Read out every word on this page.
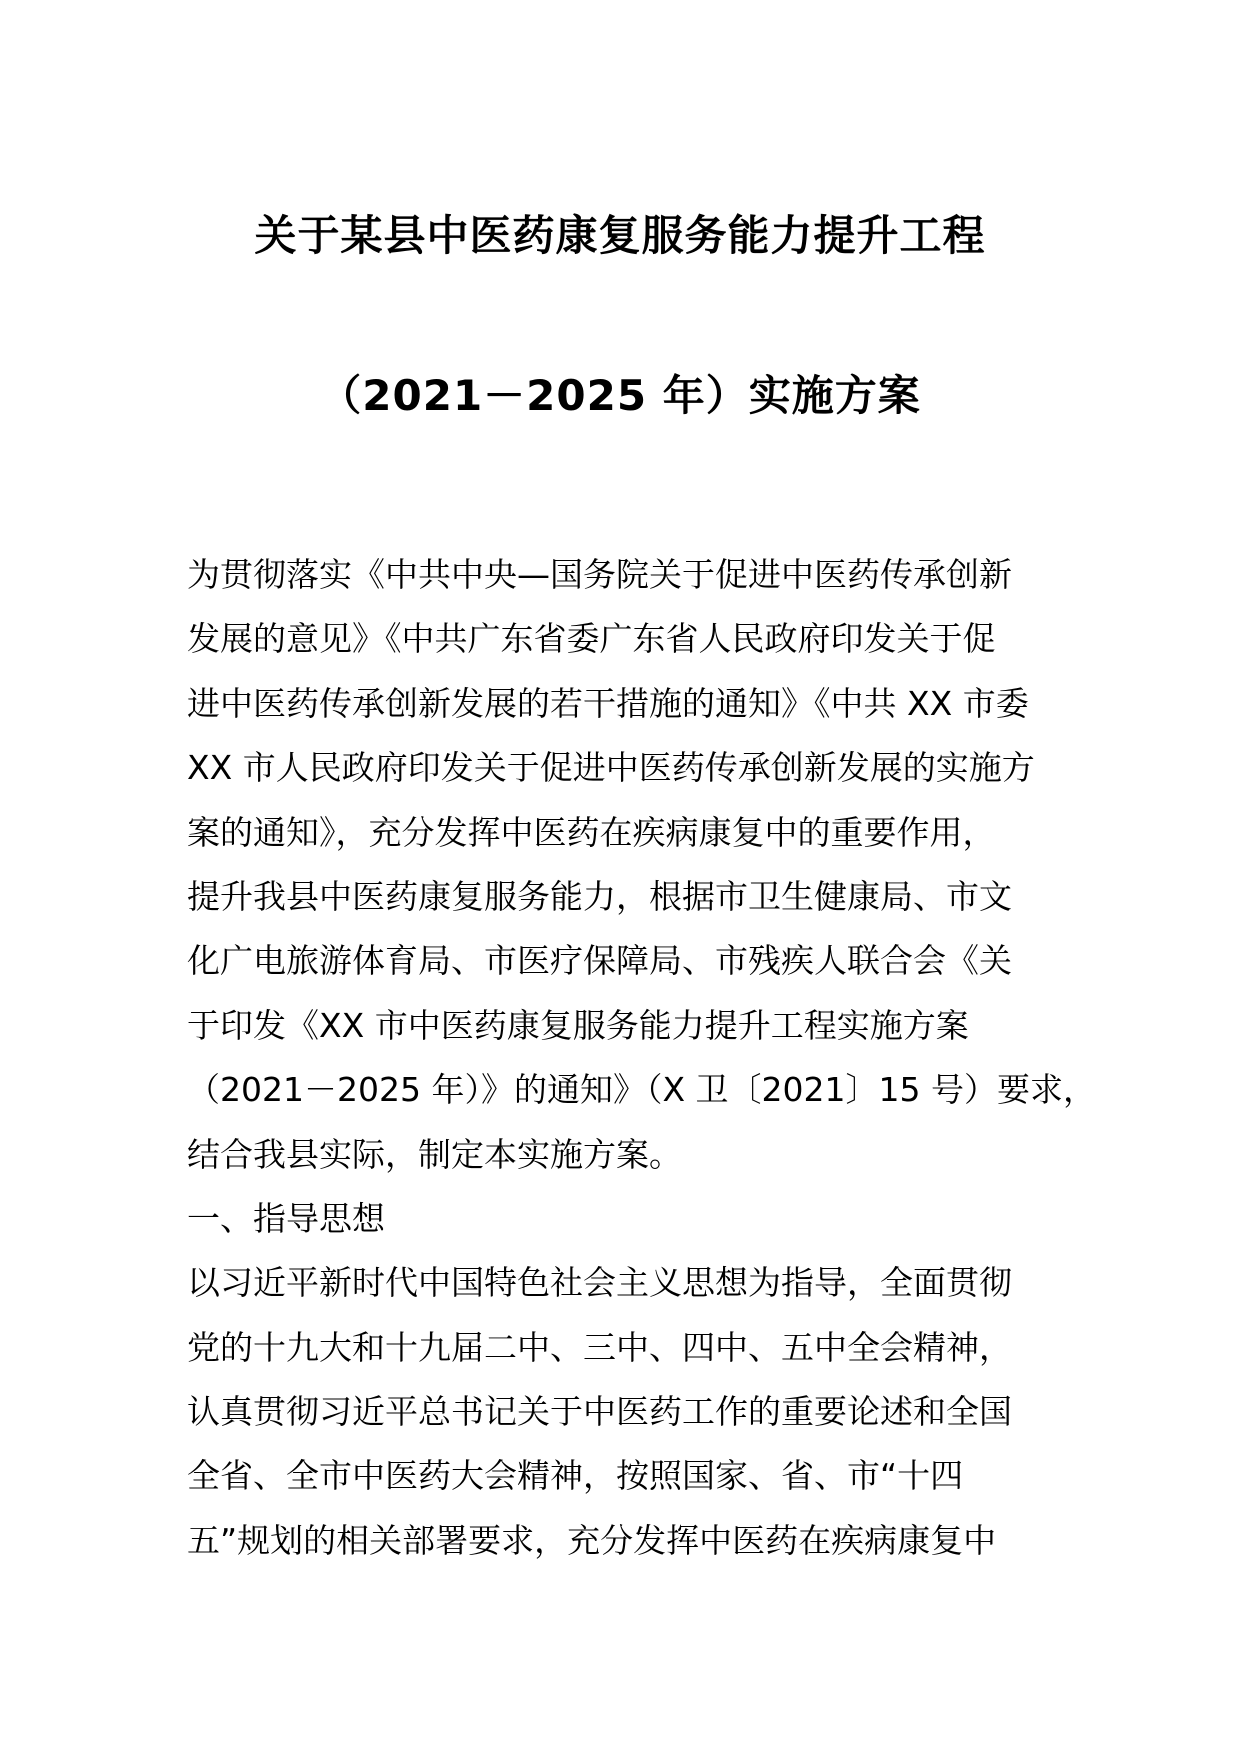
关于某县中医药康复服务能力提升工程
（2021－2025 年）实施方案
为贯彻落实《中共中央—国务院关于促进中医药传承创新
发展的意见》《中共广东省委广东省人民政府印发关于促
进中医药传承创新发展的若干措施的通知》《中共 XX 市委
XX 市人民政府印发关于促进中医药传承创新发展的实施方
案的通知》，充分发挥中医药在疾病康复中的重要作用，
提升我县中医药康复服务能力，根据市卫生健康局、市文
化广电旅游体育局、市医疗保障局、市残疾人联合会《关
于印发《XX 市中医药康复服务能力提升工程实施方案
（2021－2025 年）》的通知》（X 卫〔2021〕15 号）要求，
结合我县实际，制定本实施方案。
一、指导思想
以习近平新时代中国特色社会主义思想为指导，全面贯彻
党的十九大和十九届二中、三中、四中、五中全会精神，
认真贯彻习近平总书记关于中医药工作的重要论述和全国
全省、全市中医药大会精神，按照国家、省、市“十四
五”规划的相关部署要求，充分发挥中医药在疾病康复中
